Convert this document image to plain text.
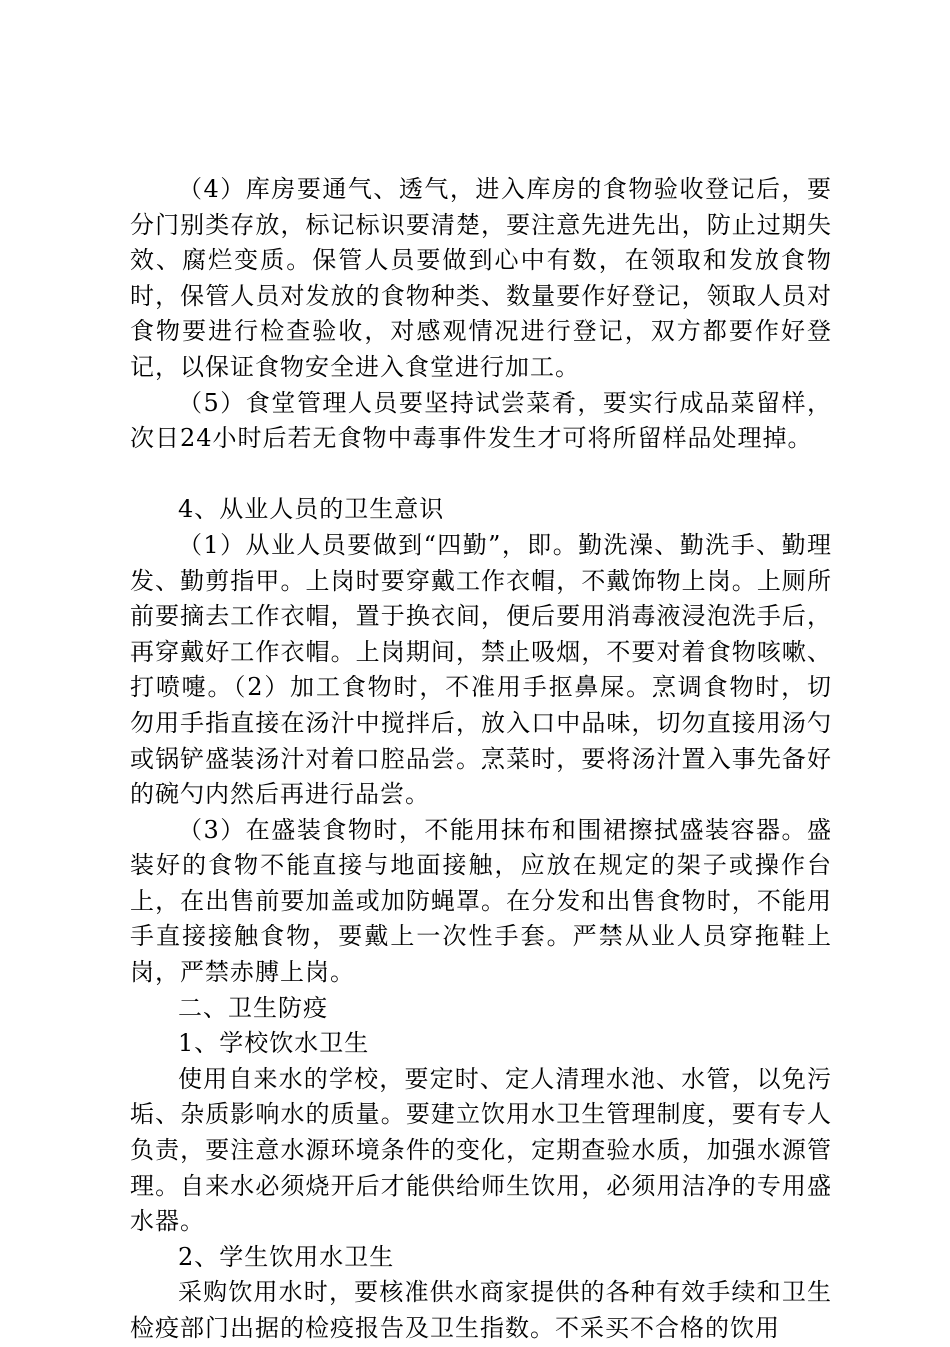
（4）库房要通气、透气，进入库房的食物验收登记后，要分门别类存放，标记标识要清楚，要注意先进先出，防止过期失效、腐烂变质。保管人员要做到心中有数，在领取和发放食物时，保管人员对发放的食物种类、数量要作好登记，领取人员对食物要进行检查验收，对感观情况进行登记，双方都要作好登记，以保证食物安全进入食堂进行加工。

（5）食堂管理人员要坚持试尝菜肴，要实行成品菜留样，次日24小时后若无食物中毒事件发生才可将所留样品处理掉。

4、从业人员的卫生意识

（1）从业人员要做到“四勤”，即。勤洗澡、勤洗手、勤理发、勤剪指甲。上岗时要穿戴工作衣帽，不戴饰物上岗。上厕所前要摘去工作衣帽，置于换衣间，便后要用消毒液浸泡洗手后，再穿戴好工作衣帽。上岗期间，禁止吸烟，不要对着食物咳嗽、打喷嚏。（2）加工食物时，不准用手抠鼻屎。烹调食物时，切勿用手指直接在汤汁中搅拌后，放入口中品味，切勿直接用汤勺或锅铲盛装汤汁对着口腔品尝。烹菜时，要将汤汁置入事先备好的碗勺内然后再进行品尝。

（3）在盛装食物时，不能用抹布和围裙擦拭盛装容器。盛装好的食物不能直接与地面接触，应放在规定的架子或操作台上，在出售前要加盖或加防蝇罩。在分发和出售食物时，不能用手直接接触食物，要戴上一次性手套。严禁从业人员穿拖鞋上岗，严禁赤膊上岗。

二、卫生防疫

1、学校饮水卫生

使用自来水的学校，要定时、定人清理水池、水管，以免污垢、杂质影响水的质量。要建立饮用水卫生管理制度，要有专人负责，要注意水源环境条件的变化，定期查验水质，加强水源管理。自来水必须烧开后才能供给师生饮用，必须用洁净的专用盛水器。

2、学生饮用水卫生

采购饮用水时，要核准供水商家提供的各种有效手续和卫生检疫部门出据的检疫报告及卫生指数。不采买不合格的饮用
